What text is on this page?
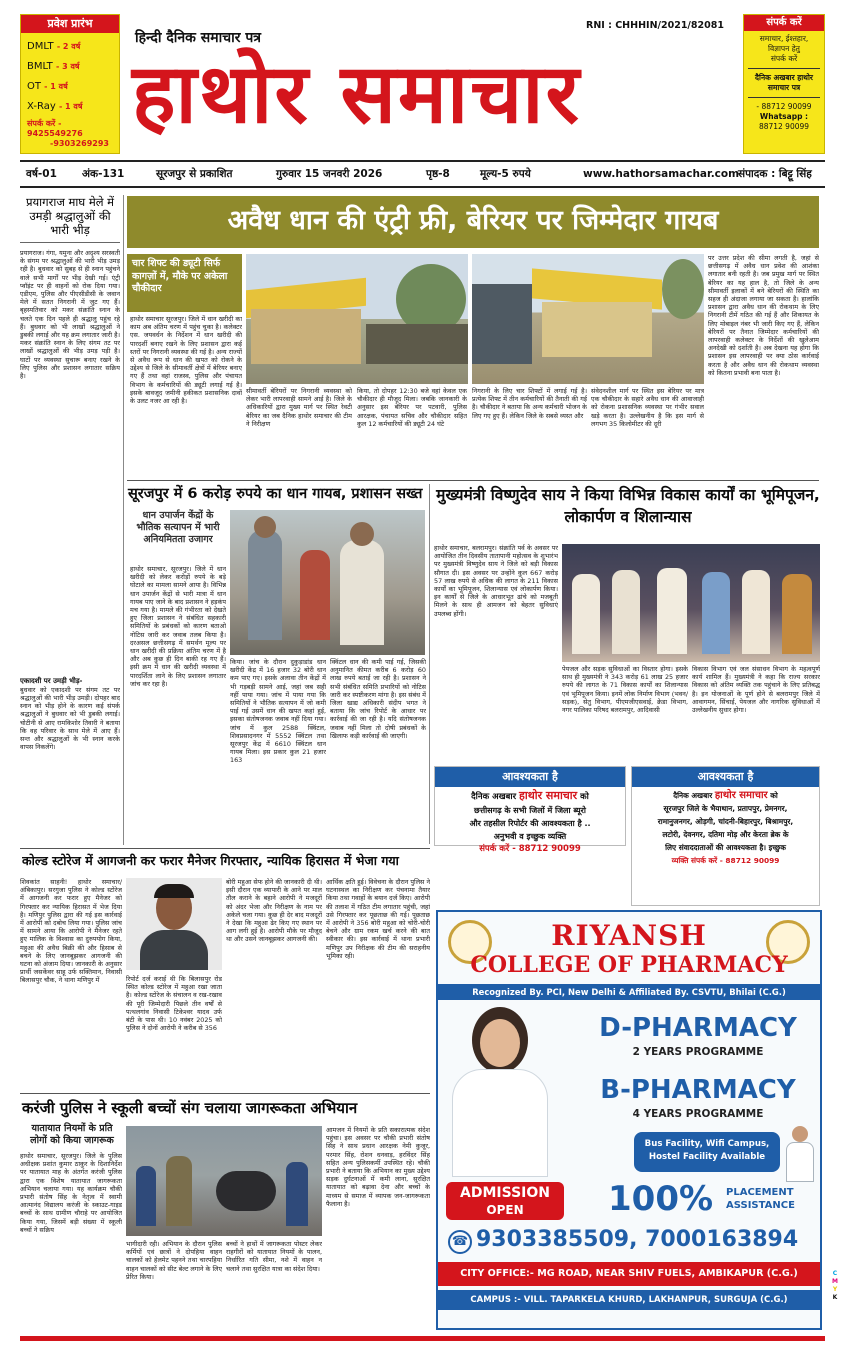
प्रवेश प्रारंभ
DMLT - 2 वर्ष
BMLT - 3 वर्ष
OT - 1 वर्ष
X-Ray - 1 वर्ष
संपर्क करें - 9425549276
-9303269293
हिन्दी दैनिक समाचार पत्र
हाथोर समाचार
RNI : CHHHIN/2021/82081	संपर्क करें
समाचार, ईश्तहार,
विज्ञापन हेतु
संपर्क करें
दैनिक अखबार हाथोर
समाचार पत्र
- 88712 90099
Whatsapp :
88712 90099
वर्ष-01 अंक-131	सूरजपुर से प्रकाशित	गुरुवार 15 जनवरी 2026	पृष्ठ-8	मूल्य-5 रुपये	www.hathorsamachar.com
संपादक : बिट्टू सिंह
प्रयागराज माघ मेले में उमड़ी श्रद्धालुओं की भारी भीड़
प्रयागराज। गंगा, यमुना और अदृश्य सरस्वती के संगम पर श्रद्धालुओं की भारी भीड़ उमड़ रही है। बुधवार को सुबह से ही स्नान पहुंचने वाले सभी मार्गों पर भीड़ देखी गई। एंट्री प्वॉइंट पर ही वाहनों को रोक दिया गया। एडीएम, पुलिस और पीएसीडीसी के जवान मेले में सतत निगरानी में जुट गए हैं। बृहस्पतिवार को मकर संक्रांति स्नान के चलते एक दिन पहले ही श्रद्धालु पहुंच रहे हैं। बुधवार को भी लाखों श्रद्धालुओं ने डुबकी लगाई और यह क्रम लगातार जारी है। मकर संक्रांति स्नान के लिए संगम तट पर लाखों श्रद्धालुओं की भीड़ उमड़ पड़ी है। घाटों पर व्यवस्था सुचारू बनाए रखने के लिए पुलिस और प्रशासन लगातार सक्रिय है।
एकादशी पर उमड़ी भीड़-
बुधवार को एकादशी पर संगम तट पर श्रद्धालुओं की भारी भीड़ उमड़ी। दोपहर बाद स्नान को भीड़ होने के कारण कई संपर्क श्रद्धालुओं ने बुधवार को भी डुबकी लगाई। चोटीनी से आए रामकिशोर तिवारी ने बताया कि वह परिवार के साथ मेले में आए हैं। सन्त और श्रद्धालुओं के भी स्नान करके वापस निकलेंगे।
अवैध धान की एंट्री फ्री, बेरियर पर जिम्मेदार गायब
चार शिफ्ट की ड्यूटी सिर्फ कागज़ों में, मौके पर अकेला चौकीदार
हाथोर समाचार सूरजपुर। जिले में धान खरीदी का काम अब अंतिम चरण में पहुंच चुका है। कलेक्टर एस. जयवर्धन के निर्देशन में धान खरीदी की पारदर्शी बनाए रखने के लिए प्रशासन द्वारा कई स्तरों पर निगरानी व्यवस्था की गई है। अन्य राज्यों से अवैध रूप से धान की खपत को रोकने के उद्देश्य से जिले के सीमावर्ती क्षेत्रों में बेरियर बनाए गए हैं तथा वहां राजस्व, पुलिस और पंचायत विभाग के कर्मचारियों की ड्यूटी लगाई गई है। इसके बावजूद जमीनी हकीकत प्रशासनिक दावों के उलट नजर आ रही है।
सीमावर्ती बेरियरों पर निगरानी व्यवस्था को लेकर भारी लापरवाही सामने आई है। जिले के अधिकारियों द्वारा मुख्य मार्ग पर स्थित रेवटी बेरियर का जब दैनिक हाथोर समाचार की टीम ने निरीक्षण
किया, तो दोपहर 12:30 बजे वहां केवल एक चौकीदार ही मौजूद मिला। जबकि जानकारी के अनुसार इस बेरियर पर पटवारी, पुलिस आरक्षक, पंचायत सचिव और चौकीदार सहित कुल 12 कर्मचारियों की ड्यूटी 24 घंटे
निगरानी के लिए चार शिफ्टों में लगाई गई है। प्रत्येक शिफ्ट में तीन कर्मचारियों की तैनाती की गई है। चौकीदार ने बताया कि अन्य कर्मचारी भोजन के लिए गए हुए हैं। लेकिन जिले के सबसे व्यस्त और
संवेदनशील मार्ग पर स्थित इस बेरियर पर मात्र एक चौकीदार के सहारे अवैध धान की आवाजाही को रोकना प्रशासनिक व्यवस्था पर गंभीर सवाल खड़े करता है। उल्लेखनीय है कि इस मार्ग से लगभग 35 किलोमीटर की दूरी
पर उत्तर प्रदेश की सीमा लगती है, जहां से छत्तीसगढ़ में अवैध धान प्रवेश की आशंका लगातार बनी रहती है। जब प्रमुख मार्ग पर स्थित बेरियर का यह हाल है, तो जिले के अन्य सीमावर्ती इलाकों में बने बेरियरों की स्थिति का सहज ही अंदाजा लगाया जा सकता है। हालांकि प्रशासन द्वारा अवैध धान की रोकथाम के लिए निगरानी टीमें गठित की गई हैं और शिकायत के लिए मोबाइल नंबर भी जारी किए गए हैं, लेकिन बेरियरों पर तैनात जिम्मेदार कर्मचारियों की लापरवाही कलेक्टर के निर्देशों की खुलेआम अनदेखी को दर्शाती है। अब देखना यह होगा कि प्रशासन इस लापरवाही पर क्या ठोस कार्रवाई करता है और अवैध धान की रोकथाम व्यवस्था को कितना प्रभावी बना पाता है।
सूरजपुर में 6 करोड़ रुपये का धान गायब, प्रशासन सख्त
धान उपार्जन केंद्रों के भौतिक सत्यापन में भारी अनियमितता उजागर
हाथोर समाचार, सूरजपुर। जिले में धान खरीदी को लेकर करोड़ों रुपये के बड़े घोटाले का मामला सामने आया है। विभिन्न धान उपार्जन केंद्रों से भारी मात्रा में धान गायब पाए जाने के बाद प्रशासन ने हड़कंप मच गया है। मामले की गंभीरता को देखते हुए जिला प्रशासन ने संबंधित सहकारी समितियों के प्रबंधकों को कारण बताओ नोटिस जारी कर जवाब तलब किया है। दरअसल छत्तीसगढ़ में समर्थन मूल्य पर धान खरीदी की प्रक्रिया अंतिम चरण में है और अब कुछ ही दिन बाकी रह गए हैं। इसी क्रम में धान की खरीदी व्यवस्था में पारदर्शिता लाने के लिए प्रशासन लगातार जांच कर रहा है।
किया। जांच के दौरान दुकुड़ाडांड धान खरीदी केंद्र में 16 हजार 32 बोरी धान कम पाए गए। इसके अलावा तीन केंद्रों में भी गड़बड़ी सामने आई, जहां जब सही नहीं पाया गया। जांच में पाया गया कि समितियों ने भौतिक सत्यापन में जो कमी पाई गई उसमें धान की खपत कहां हुई, इसका संतोषजनक जवाब नहीं दिया गया। जांच में कुल 2588 क्विंटल, शिवप्रसादनगर में 5552 क्विंटल तथा सूरजपुर केंद्र में 6610 क्विंटल धान गायब मिला। इस प्रकार कुल 21 हजार 163
क्विंटल धान की कमी पाई गई, जिसकी अनुमानित कीमत करीब 6 करोड़ 60 लाख रुपये बताई जा रही है। प्रशासन ने सभी संबंधित समिति प्रभारियों को नोटिस जारी कर स्पष्टीकरण मांगा है। इस संबंध में जिला खाद्य अधिकारी संदीप भगत ने बताया कि जांच रिपोर्ट के आधार पर कार्रवाई की जा रही है। यदि संतोषजनक जवाब नहीं मिला तो दोषी प्रबंधकों के खिलाफ कड़ी कार्रवाई की जाएगी।
मुख्यमंत्री विष्णुदेव साय ने किया विभिन्न विकास कार्यों का भूमिपूजन, लोकार्पण व शिलान्यास
हाथोर समाचार, बलरामपुर। संक्रांति पर्व के अवसर पर आयोजित तीन दिवसीय तातापानी महोत्सव के शुभारंभ पर मुख्यमंत्री विष्णुदेव साय ने जिले को बड़ी विकास सौगात दी। इस अवसर पर उन्होंने कुल 667 करोड़ 57 लाख रुपये से अधिक की लागत के 211 विकास कार्यों का भूमिपूजन, शिलान्यास एवं लोकार्पण किया। इन कार्यों से जिले के आधारभूत ढांचे को मजबूती मिलने के साथ ही आमजन को बेहतर सुविधाएं उपलब्ध होंगी।
पेयजल और सड़क सुविधाओं का विस्तार होगा। इसके साथ ही मुख्यमंत्री ने 343 करोड़ 61 लाख 25 हजार रुपये की लागत के 71 विकास कार्यों का शिलान्यास एवं भूमिपूजन किया। इनमें लोक निर्माण विभाग (भवन/सड़क), सेतु विभाग, पीएमजीएसवाई, क्रेडा विभाग, नगर पालिका परिषद बलरामपुर, आदिवासी
विकास विभाग एवं जल संसाधन विभाग के महत्वपूर्ण कार्य शामिल हैं। मुख्यमंत्री ने कहा कि राज्य सरकार विकास को अंतिम व्यक्ति तक पहुंचाने के लिए प्रतिबद्ध है। इन योजनाओं के पूर्ण होने से बलरामपुर जिले में आवागमन, सिंचाई, पेयजल और नागरिक सुविधाओं में उल्लेखनीय सुधार होगा।
आवश्यकता है
दैनिक अखबार हाथोर समाचार को
छत्तीसगढ़ के सभी जिलों में जिला ब्यूरो
और तहसील रिपोर्टर की आवश्यकता है ..
अनुभवी व इच्छुक व्यक्ति
संपर्क करें - 88712 90099
आवश्यकता है
दैनिक अखबार हाथोर समाचार को
सूरजपुर जिले के भैयाथान, प्रतापपुर, प्रेमनगर,
रामानुजनगर, ओड़गी, चांदनी-बिहारपुर, बिश्रामपुर,
लटोरी, देवनगर, दतिमा मोड़ और केरता ब्रेक के
लिए संवाददाताओं की आवश्यकता है। इच्छुक
व्यक्ति संपर्क करें - 88712 90099
कोल्ड स्टोरेज में आगजनी कर फरार मैनेजर गिरफ्तार, न्यायिक हिरासत में भेजा गया
शिवकांत साहनी! हाथोर समाचार/अंबिकापुर। सरगुजा पुलिस ने कोल्ड स्टोरेज में आगजनी कर फरार हुए मैनेजर को गिरफ्तार कर न्यायिक हिरासत में भेज दिया है। मणिपुर पुलिस द्वारा की गई इस कार्रवाई में आरोपी को दबोच लिया गया। पुलिस जांच में सामने आया कि आरोपी ने मैनेजर रहते हुए मालिक के विश्वास का दुरुपयोग किया, महुआ की अवैध बिक्री की और हिसाब से बचने के लिए जानबूझकर आगजनी की घटना को अंजाम दिया। जानकारी के अनुसार प्रार्थी जसकेंवर साहू उर्फ सक्तिमान, निवासी बिलासपुर चौक, ने थाना मणिपुर में	रिपोर्ट दर्ज कराई थी कि बिलासपुर रोड स्थित कोल्ड स्टोरेज में महुआ रखा जाता है। कोल्ड स्टोरेज के संचालन व रख-रखाव की पूरी जिम्मेदारी पिछले तीन वर्षों से पत्थलगांव निवासी टिकेश्वर यादव उर्फ बंटी के पास थी। 10 नवंबर 2025 को पुलिस ने दोनों आरोपी ने करीब से 356
बोरी महुआ सेफ होने की जानकारी दी थी। इसी दौरान एक व्यापारी के आने पर माल तौल कराने के बहाने आरोपी ने मजदूरों को अंदर भेजा और निरीक्षण के नाम पर अकेले चला गया। कुछ ही देर बाद मजदूरों ने देखा कि महुआ ढेर किए गए स्थान पर आग लगी हुई है। आरोपी मौके पर मौजूद था और उसने जानबूझकर आगजनी की।
आर्थिक क्षति हुई। विवेचना के दौरान पुलिस ने घटनास्थल का निरीक्षण कर पंचनामा तैयार किया तथा गवाहों के बयान दर्ज किए। आरोपी की तलाश में गठित टीम लगातार पहुंची, जहां उसे गिरफ्तार कर पूछताछ की गई। पूछताछ में आरोपी ने 356 बोरी महुआ को चोरी-चोरी बेचने और ग्राम रकम खर्च करने की बात स्वीकार की। इस कार्रवाई में थाना प्रभारी मणिपुर उप निरीक्षक की टीम की सराहनीय भूमिका रही।
करंजी पुलिस ने स्कूली बच्चों संग चलाया जागरूकता अभियान
यातायात नियमों के प्रति लोगों को किया जागरूक
हाथोर समाचार, सूरजपुर। जिले के पुलिस अधीक्षक प्रशांत कुमार ठाकुर के दिशानिर्देश पर यातायात माह के अंतर्गत करंजी पुलिस द्वारा एक विशेष यातायात जागरूकता अभियान चलाया गया। यह कार्यक्रम चौकी प्रभारी संतोष सिंह के नेतृत्व में स्वामी आत्मानंद विद्यालय करंजी के स्काउट-गाइड बच्चों के साथ ग्रामीण चौराहे पर आयोजित किया गया, जिसमें बड़ी संख्या में स्कूली बच्चों ने सक्रिय
भागीदारी रही। अभियान के दौरान पुलिस कर्मियों एवं छात्रों ने दोपहिया वाहन चालकों को हेलमेट पहनने तथा चारपहिया वाहन चालकों को सीट बेल्ट लगाने के लिए प्रेरित किया।
बच्चों ने हाथों में जागरूकता पोस्टर लेकर राहगीरों को यातायात नियमों के पालन, निर्धारित गति सीमा, नशे में वाहन न चलाने तथा सुरक्षित यात्रा का संदेश दिया।
आमजन में नियमों के प्रति सकारात्मक संदेश पहुंचा। इस अवसर पर चौकी प्रभारी संतोष सिंह ने साथ प्रधान आरक्षक नेमी कुजूर, परमार सिंह, रोशन धनवाड़, हरविंदर सिंह सहित अन्य पुलिसकर्मी उपस्थित रहे। चौकी प्रभारी ने बताया कि अभियान का मुख्य उद्देश्य सड़क दुर्घटनाओं में कमी लाना, सुरक्षित यातायात को बढ़ावा देना और बच्चों के माध्यम से समाज में व्यापक जन-जागरूकता फैलाना है।
RIYANSH
COLLEGE OF PHARMACY
Recognized By. PCI, New Delhi & Affiliated By. CSVTU, Bhilai (C.G.)
D-PHARMACY
2 YEARS PROGRAMME
B-PHARMACY
4 YEARS PROGRAMME
Bus Facility, Wifi Campus,
Hostel Facility Available
ADMISSION
OPEN	100% PLACEMENT
ASSISTANCE
☎ 9303385509, 7000163894
CITY OFFICE:- MG ROAD, NEAR SHIV FUELS, AMBIKAPUR (C.G.)
CAMPUS :- VILL. TAPARKELA KHURD, LAKHANPUR, SURGUJA (C.G.)
C
M
Y
K
